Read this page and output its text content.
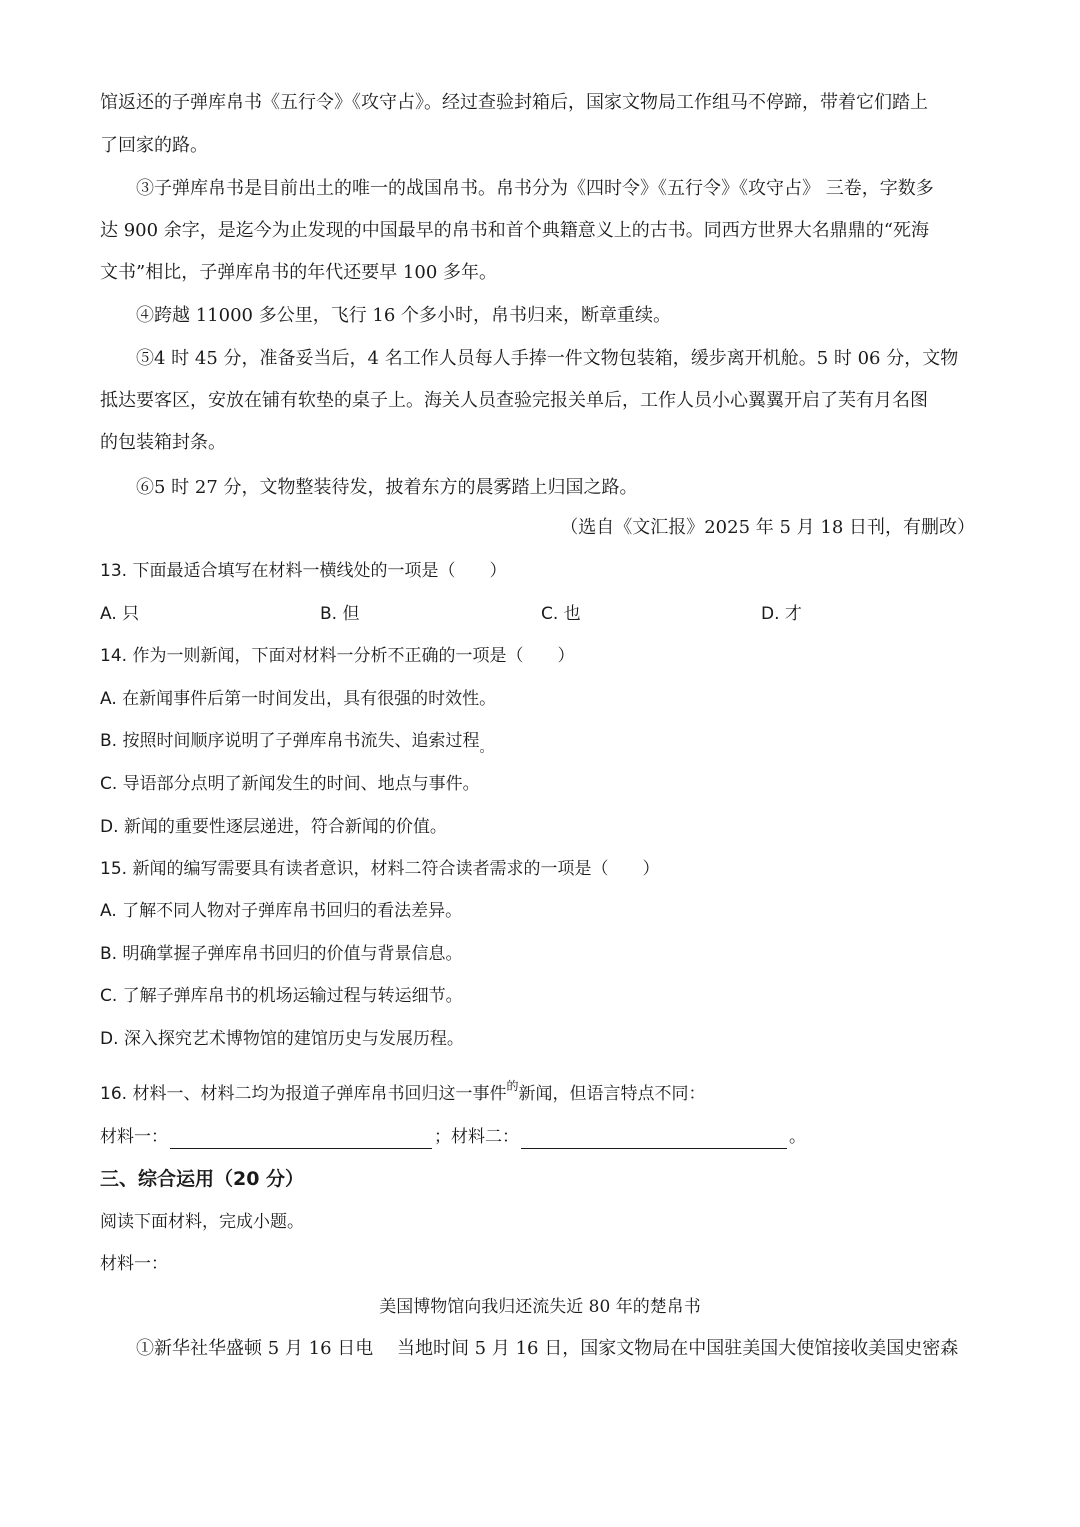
馆返还的子弹库帛书《五行令》《攻守占》。经过查验封箱后，国家文物局工作组马不停蹄，带着它们踏上
了回家的路。
③子弹库帛书是目前出土的唯一的战国帛书。帛书分为《四时令》《五行令》《攻守占》 三卷，字数多
达 900 余字，是迄今为止发现的中国最早的帛书和首个典籍意义上的古书。同西方世界大名鼎鼎的“死海
文书”相比，子弹库帛书的年代还要早 100 多年。
④跨越 11000 多公里，飞行 16 个多小时，帛书归来，断章重续。
⑤4 时 45 分，准备妥当后，4 名工作人员每人手捧一件文物包装箱，缓步离开机舱。5 时 06 分，文物
抵达要客区，安放在铺有软垫的桌子上。海关人员查验完报关单后，工作人员小心翼翼开启了芙有月名图
的包装箱封条。
⑥5 时 27 分，文物整装待发，披着东方的晨雾踏上归国之路。
（选自《文汇报》2025 年 5 月 18 日刊，有删改）
13. 下面最适合填写在材料一横线处的一项是（　　）
A. 只	B. 但	C. 也	D. 才
14. 作为一则新闻，下面对材料一分析不正确的一项是（　　）
A. 在新闻事件后第一时间发出，具有很强的时效性。
B. 按照时间顺序说明了子弹库帛书流失、追索过程$_。$
C. 导语部分点明了新闻发生的时间、地点与事件。
D. 新闻的重要性逐层递进，符合新闻的价值。
15. 新闻的编写需要具有读者意识，材料二符合读者需求的一项是（　　）
A. 了解不同人物对子弹库帛书回归的看法差异。
B. 明确掌握子弹库帛书回归的价值与背景信息。
C. 了解子弹库帛书的机场运输过程与转运细节。
D. 深入探究艺术博物馆的建馆历史与发展历程。
16. 材料一、材料二均为报道子弹库帛书回归这一事件$^的$新闻，但语言特点不同：
材料一：	；材料二：	。
三、综合运用（20 分）
阅读下面材料，完成小题。
材料一：
美国博物馆向我归还流失近 80 年的楚帛书
①新华社华盛顿 5 月 16 日电　 当地时间 5 月 16 日，国家文物局在中国驻美国大使馆接收美国史密森
